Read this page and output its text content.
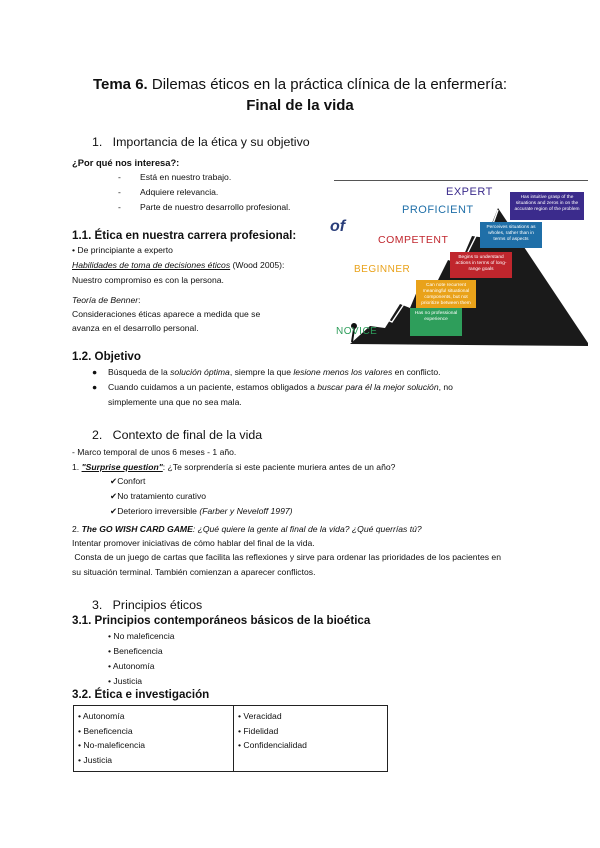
Tema 6. Dilemas éticos en la práctica clínica de la enfermería:
Final de la vida
1. Importancia de la ética y su objetivo
¿Por qué nos interesa?:
-        Está en nuestro trabajo.
-        Adquiere relevancia.
-        Parte de nuestro desarrollo profesional.
1.1. Ética en nuestra carrera profesional:
• De principiante a experto
Habilidades de toma de decisiones éticos (Wood 2005):
Nuestro compromiso es con la persona.
Teoría de Benner:
Consideraciones éticas aparece a medida que se
avanza en el desarrollo personal.
1.2. Objetivo
● Búsqueda de la solución óptima, siempre la que lesione menos los valores en conflicto.
● Cuando cuidamos a un paciente, estamos obligados a buscar para él la mejor solución, no
simplemente una que no sea mala.
of
NOVICE
BEGINNER
COMPETENT
PROFICIENT
EXPERT
Has no professional experience
Can note recurrent meaningful situational components, but not prioritize between them
Begins to understand actions in terms of long-range goals
Perceives situations as wholes, rather than in terms of aspects
Has intuitive grasp of the situations and zeros in on the accurate region of the problem
2. Contexto de final de la vida
- Marco temporal de unos 6 meses - 1 año.
1. "Surprise question": ¿Te sorprendería si este paciente muriera antes de un año?
✔Confort
✔No tratamiento curativo
✔Deterioro irreversible (Farber y Neveloff 1997)
2. The GO WISH CARD GAME: ¿Qué quiere la gente al final de la vida? ¿Qué querrías tú?
Intentar promover iniciativas de cómo hablar del final de la vida.
Consta de un juego de cartas que facilita las reflexiones y sirve para ordenar las prioridades de los pacientes en
su situación terminal. También comienzan a aparecer conflictos.
3. Principios éticos
3.1. Principios contemporáneos básicos de la bioética
• No maleficencia
• Beneficencia
• Autonomía
• Justicia
3.2. Ética e investigación
• Autonomía
• Beneficencia
• No-maleficencia
• Justicia

• Veracidad
• Fidelidad
• Confidencialidad
